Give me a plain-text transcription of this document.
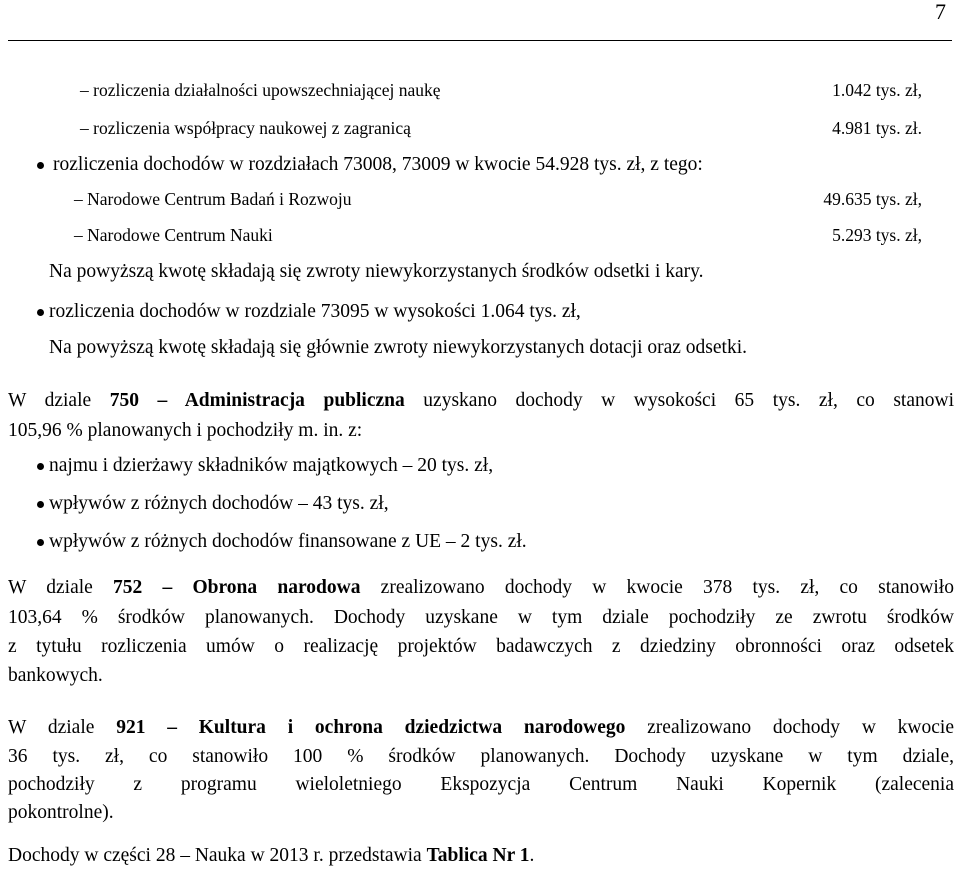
7
– rozliczenia działalności upowszechniającej naukę	1.042 tys. zł,
– rozliczenia współpracy naukowej z zagranicą	4.981 tys. zł.
rozliczenia dochodów w rozdziałach 73008, 73009 w kwocie 54.928 tys. zł, z tego:
– Narodowe Centrum Badań i Rozwoju	49.635 tys. zł,
– Narodowe Centrum Nauki	5.293 tys. zł,
Na powyższą kwotę składają się zwroty niewykorzystanych środków odsetki i kary.
rozliczenia dochodów w rozdziale 73095 w wysokości 1.064 tys. zł,
Na powyższą kwotę składają się głównie zwroty niewykorzystanych dotacji oraz odsetki.
W dziale 750 – Administracja publiczna uzyskano dochody w wysokości 65 tys. zł, co stanowi
105,96 % planowanych i pochodziły m. in. z:
najmu i dzierżawy składników majątkowych – 20 tys. zł,
wpływów z różnych dochodów – 43 tys. zł,
wpływów z różnych dochodów finansowane z UE – 2 tys. zł.
W dziale 752 – Obrona narodowa zrealizowano dochody w kwocie 378 tys. zł, co stanowiło
103,64 % środków planowanych. Dochody uzyskane w tym dziale pochodziły ze zwrotu środków
z tytułu rozliczenia umów o realizację projektów badawczych z dziedziny obronności oraz odsetek
bankowych.
W dziale 921 – Kultura i ochrona dziedzictwa narodowego zrealizowano dochody w kwocie
36 tys. zł, co stanowiło 100 % środków planowanych. Dochody uzyskane w tym dziale,
pochodziły z programu wieloletniego Ekspozycja Centrum Nauki Kopernik (zalecenia
pokontrolne).
Dochody w części 28 – Nauka w 2013 r. przedstawia Tablica Nr 1.
